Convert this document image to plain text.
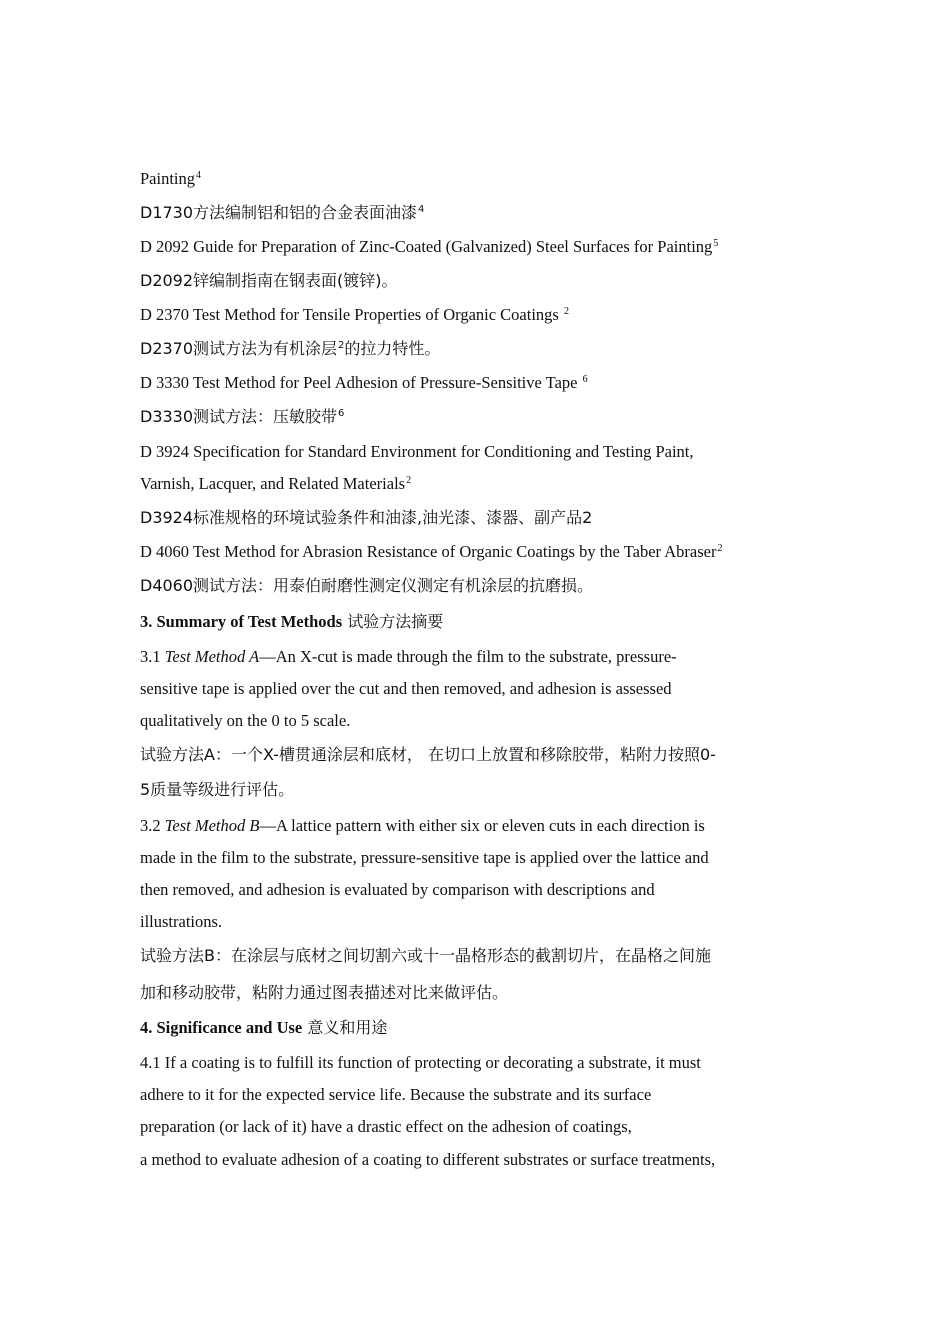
Painting$^4$
D1730方法编制铝和铝的合金表面油漆$^4$
D 2092 Guide for Preparation of Zinc-Coated (Galvanized) Steel Surfaces for Painting$^5$
D2092锌编制指南在钢表面(镀锌)。
D 2370 Test Method for Tensile Properties of Organic Coatings $^2$
D2370测试方法为有机涂层$^2$的拉力特性。
D 3330 Test Method for Peel Adhesion of Pressure-Sensitive Tape $^6$
D3330测试方法：压敏胶带$^6$
D 3924 Specification for Standard Environment for Conditioning and Testing Paint,
Varnish, Lacquer, and Related Materials$^2$
D3924标准规格的环境试验条件和油漆,油光漆、漆器、副产品2
D 4060 Test Method for Abrasion Resistance of Organic Coatings by the Taber Abraser$^2$
D4060测试方法：用泰伯耐磨性测定仪测定有机涂层的抗磨损。
3. Summary of Test Methods 试验方法摘要
3.1 Test Method A—An X-cut is made through the film to the substrate, pressure-
sensitive tape is applied over the cut and then removed, and adhesion is assessed
qualitatively on the 0 to 5 scale.
试验方法A：一个X-槽贯通涂层和底材， 在切口上放置和移除胶带，粘附力按照0-
5质量等级进行评估。
3.2 Test Method B—A lattice pattern with either six or eleven cuts in each direction is
made in the film to the substrate, pressure-sensitive tape is applied over the lattice and
then removed, and adhesion is evaluated by comparison with descriptions and
illustrations.
试验方法B：在涂层与底材之间切割六或十一晶格形态的截割切片，在晶格之间施
加和移动胶带，粘附力通过图表描述对比来做评估。
4. Significance and Use 意义和用途
4.1 If a coating is to fulfill its function of protecting or decorating a substrate, it must
adhere to it for the expected service life. Because the substrate and its surface
preparation (or lack of it) have a drastic effect on the adhesion of coatings,
a method to evaluate adhesion of a coating to different substrates or surface treatments,
